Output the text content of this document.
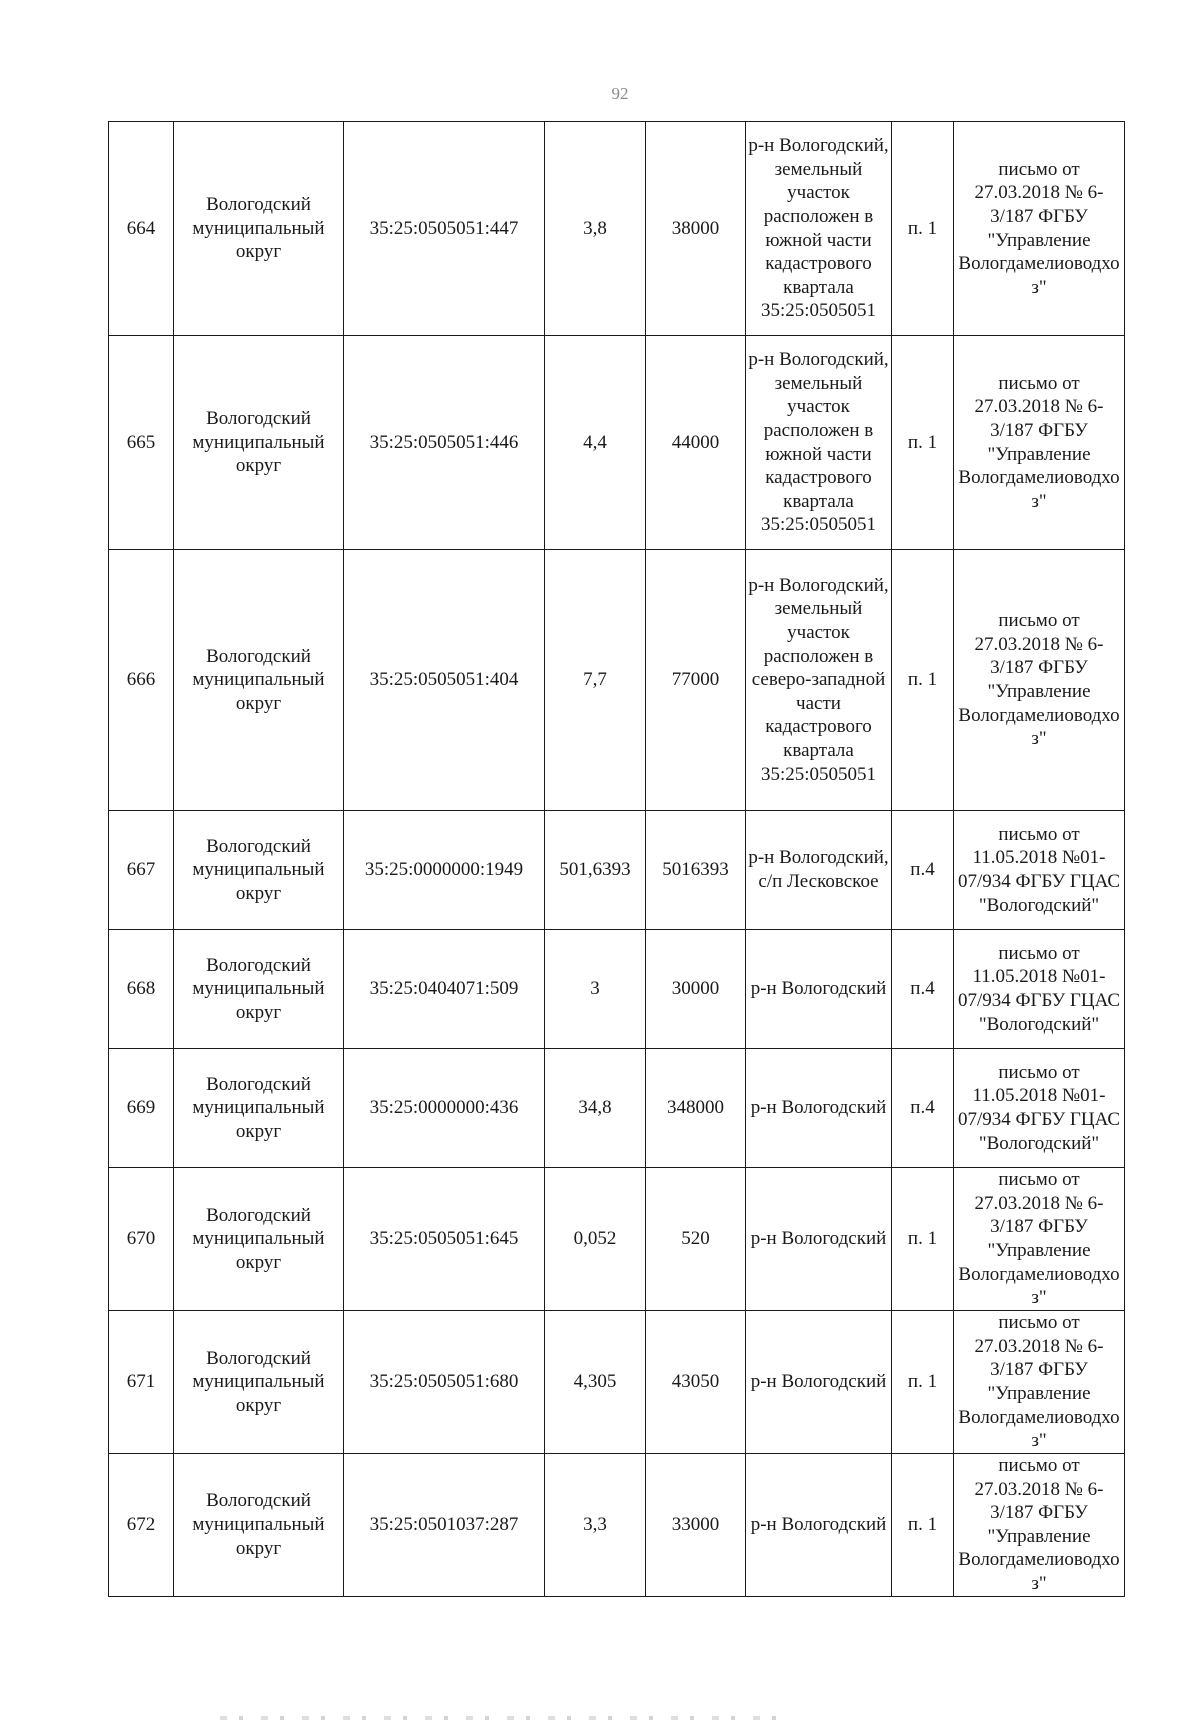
92
664	Вологодский муниципальный округ	35:25:0505051:447	3,8	38000	р-н Вологодский, земельный участок расположен в южной части кадастрового квартала 35:25:0505051	п. 1	письмо от 27.03.2018 № 6-3/187 ФГБУ "Управление Вологдамелиоводхоз"
665	Вологодский муниципальный округ	35:25:0505051:446	4,4	44000	р-н Вологодский, земельный участок расположен в южной части кадастрового квартала 35:25:0505051	п. 1	письмо от 27.03.2018 № 6-3/187 ФГБУ "Управление Вологдамелиоводхоз"
666	Вологодский муниципальный округ	35:25:0505051:404	7,7	77000	р-н Вологодский, земельный участок расположен в северо-западной части кадастрового квартала 35:25:0505051	п. 1	письмо от 27.03.2018 № 6-3/187 ФГБУ "Управление Вологдамелиоводхоз"
667	Вологодский муниципальный округ	35:25:0000000:1949	501,6393	5016393	р-н Вологодский, с/п Лесковское	п.4	письмо от 11.05.2018 №01-07/934 ФГБУ ГЦАС "Вологодский"
668	Вологодский муниципальный округ	35:25:0404071:509	3	30000	р-н Вологодский	п.4	письмо от 11.05.2018 №01-07/934 ФГБУ ГЦАС "Вологодский"
669	Вологодский муниципальный округ	35:25:0000000:436	34,8	348000	р-н Вологодский	п.4	письмо от 11.05.2018 №01-07/934 ФГБУ ГЦАС "Вологодский"
670	Вологодский муниципальный округ	35:25:0505051:645	0,052	520	р-н Вологодский	п. 1	письмо от 27.03.2018 № 6-3/187 ФГБУ "Управление Вологдамелиоводхоз"
671	Вологодский муниципальный округ	35:25:0505051:680	4,305	43050	р-н Вологодский	п. 1	письмо от 27.03.2018 № 6-3/187 ФГБУ "Управление Вологдамелиоводхоз"
672	Вологодский муниципальный округ	35:25:0501037:287	3,3	33000	р-н Вологодский	п. 1	письмо от 27.03.2018 № 6-3/187 ФГБУ "Управление Вологдамелиоводхоз"
